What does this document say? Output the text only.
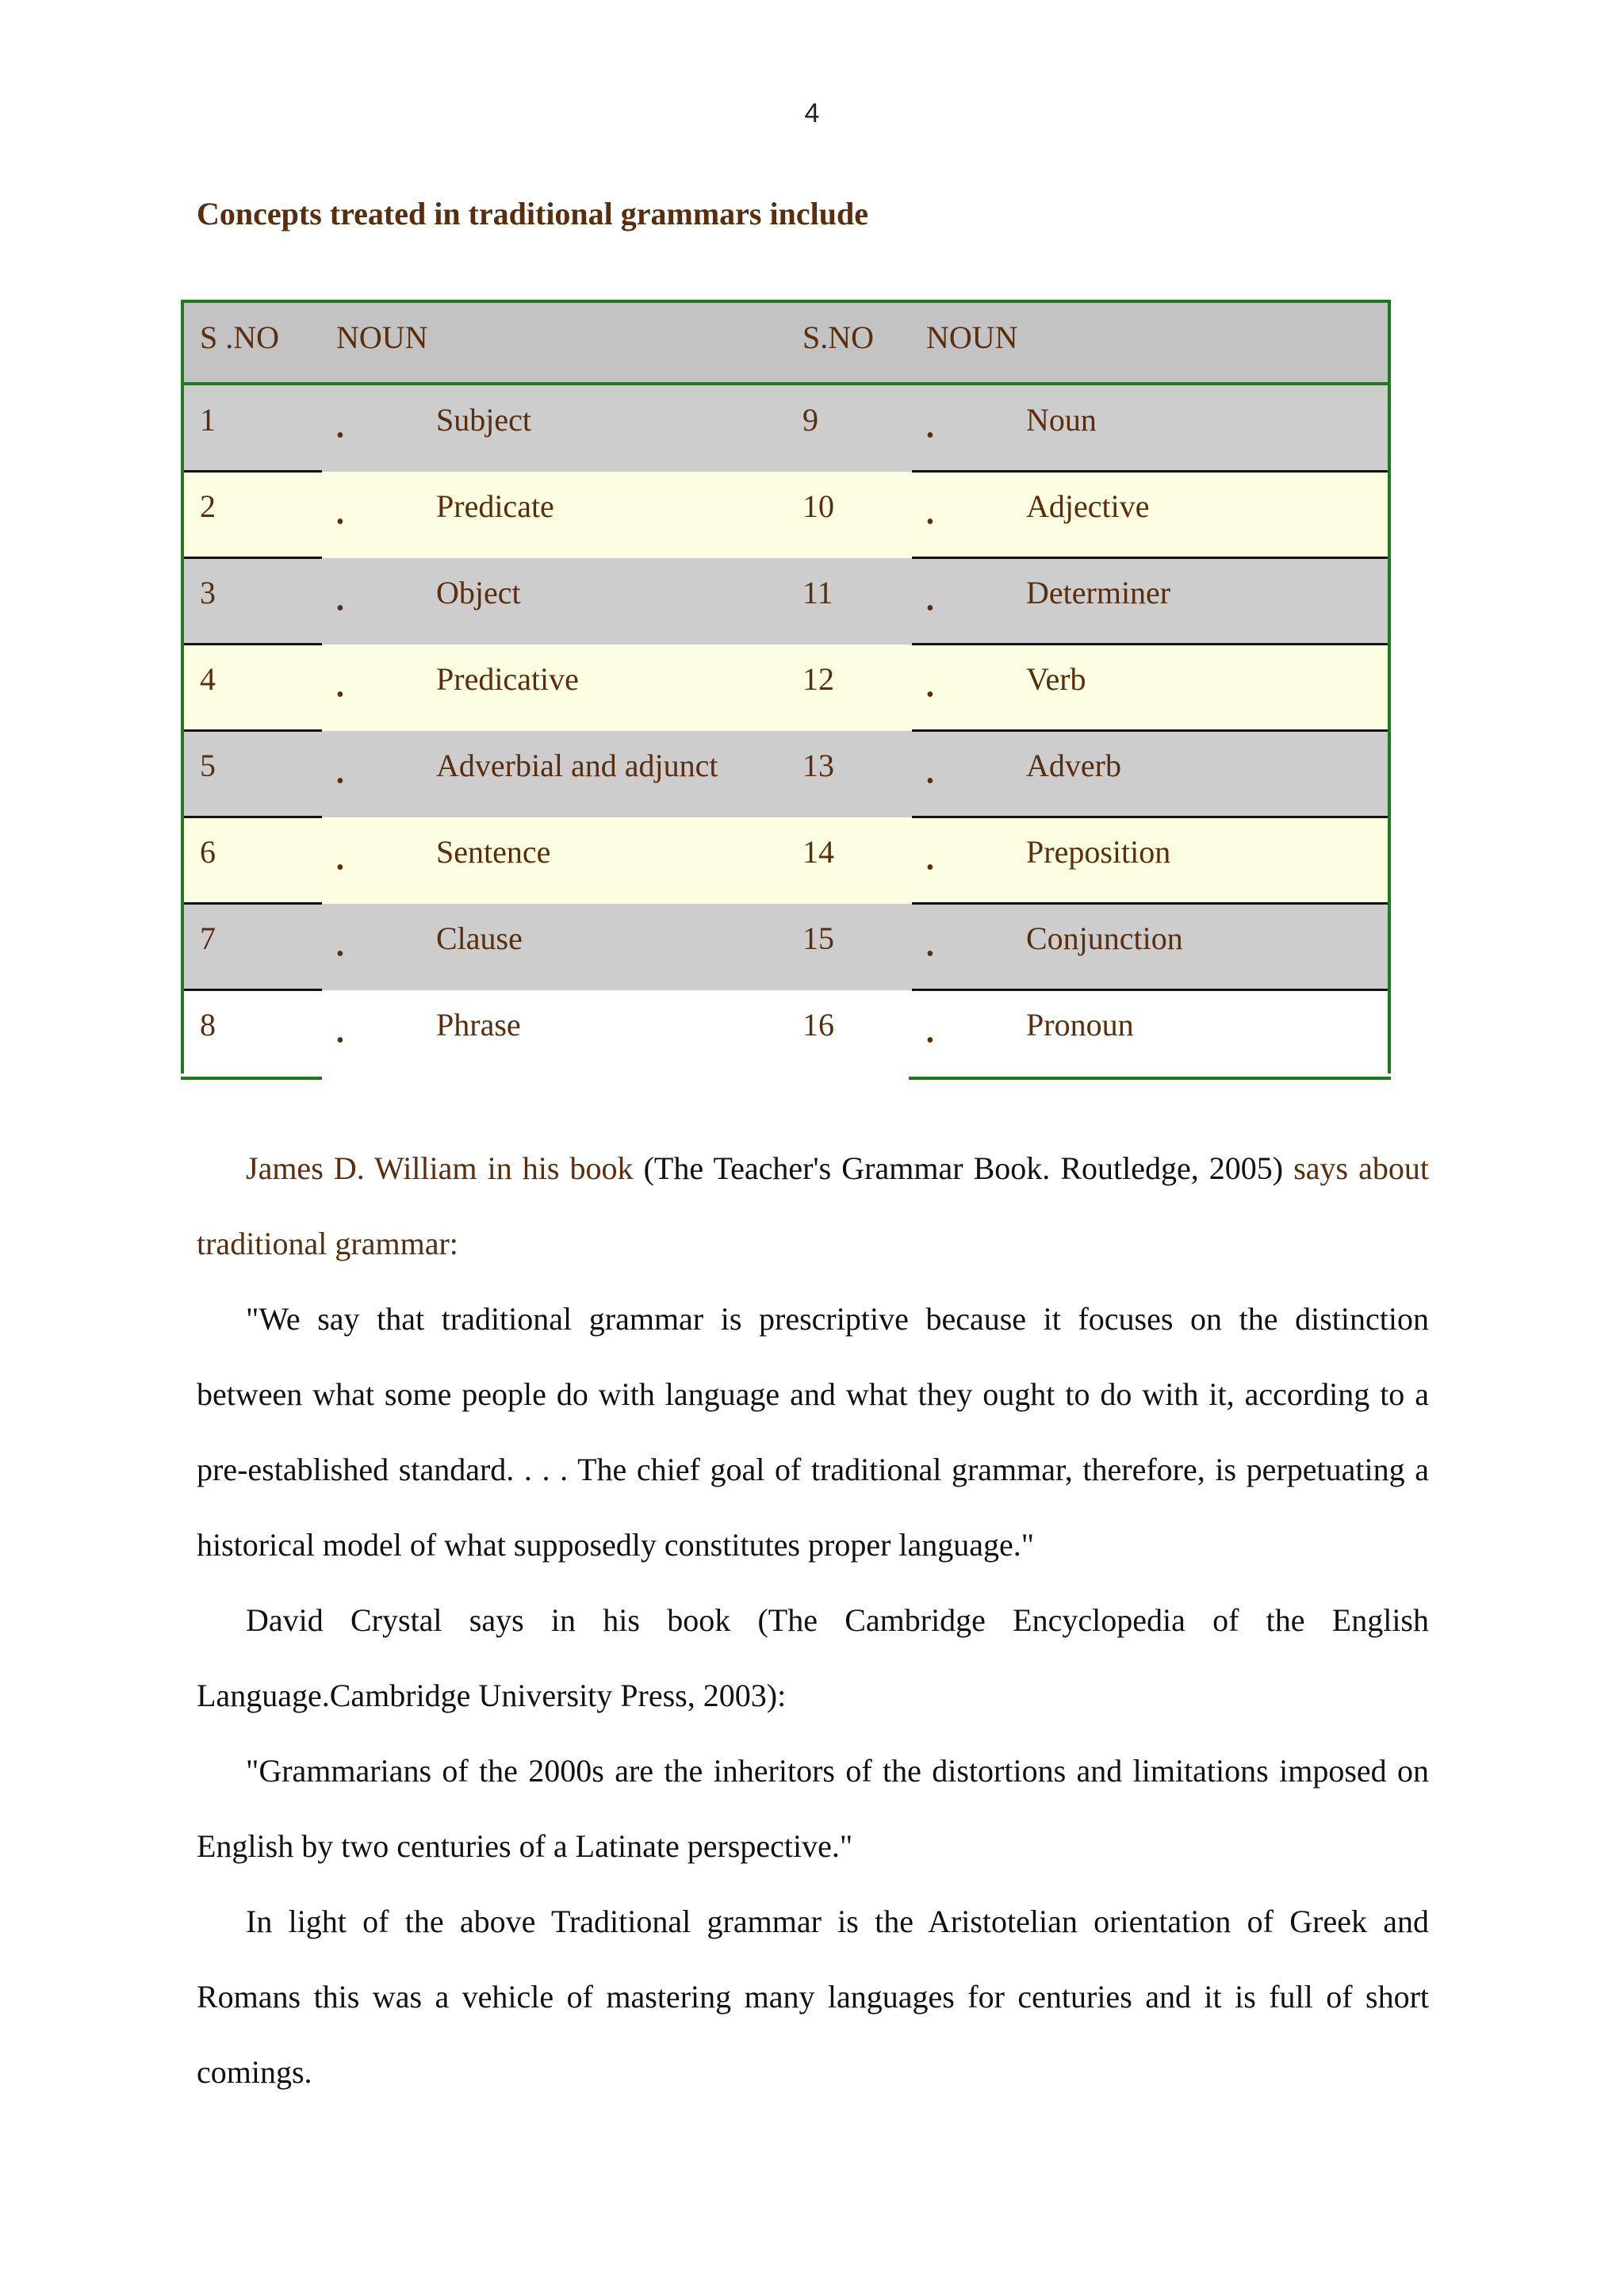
4
Concepts treated in traditional grammars include
S .NO NOUN	S.NO NOUN
1	•	Subject	9	•	Noun
2	•	Predicate	10	•	Adjective
3	•	Object	11	•	Determiner
4	•	Predicative	12	•	Verb
5	•	Adverbial and adjunct	13	•	Adverb
6	•	Sentence	14	•	Preposition
7	•	Clause	15	•	Conjunction
8	•	Phrase	16	•	Pronoun
James D. William in his book (The Teacher's Grammar Book. Routledge, 2005) says about traditional grammar:
"We say that traditional grammar is prescriptive because it focuses on the distinction between what some people do with language and what they ought to do with it, according to a pre-established standard. . . . The chief goal of traditional grammar, therefore, is perpetuating a historical model of what supposedly constitutes proper language."
David Crystal says in his book (The Cambridge Encyclopedia of the English Language.Cambridge University Press, 2003):
"Grammarians of the 2000s are the inheritors of the distortions and limitations imposed on English by two centuries of a Latinate perspective."
In light of the above Traditional grammar is the Aristotelian orientation of Greek and Romans this was a vehicle of mastering many languages for centuries and it is full of short comings.
